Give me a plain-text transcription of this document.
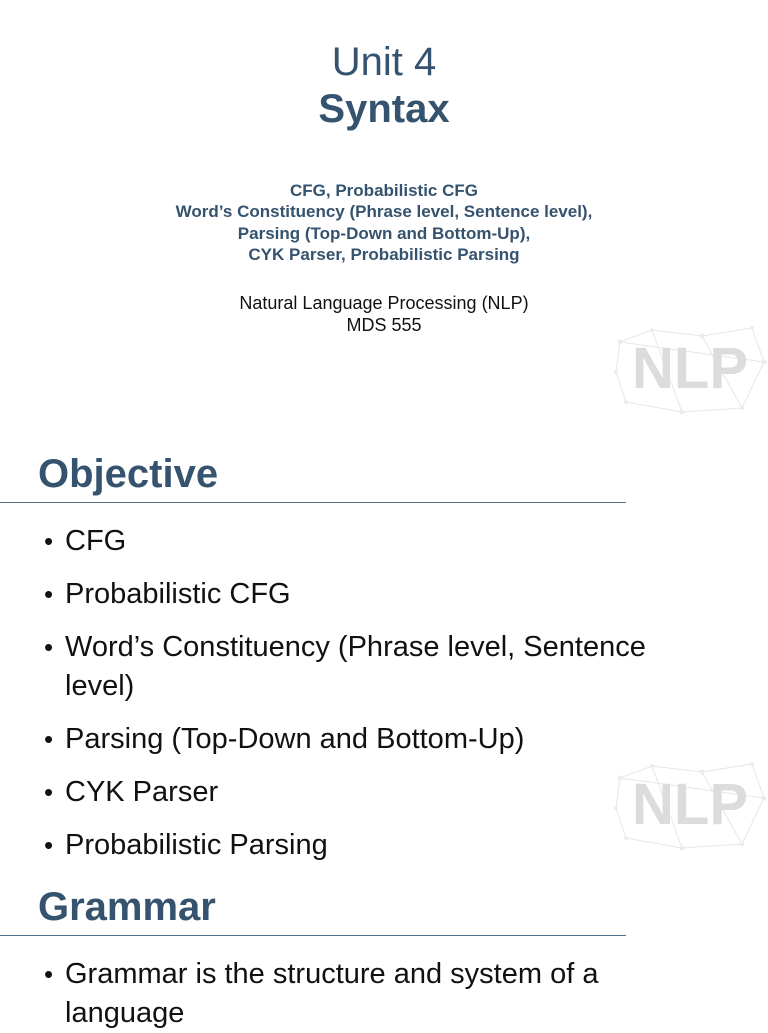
Unit 4
Syntax
CFG, Probabilistic CFG
Word’s Constituency (Phrase level, Sentence level),
Parsing (Top-Down and Bottom-Up),
CYK Parser, Probabilistic Parsing
Natural Language Processing (NLP)
MDS 555
NLP
Objective
• CFG
• Probabilistic CFG
• Word’s Constituency (Phrase level, Sentence level)
• Parsing (Top-Down and Bottom-Up)
• CYK Parser
• Probabilistic Parsing
NLP
Grammar
• Grammar is the structure and system of a language
